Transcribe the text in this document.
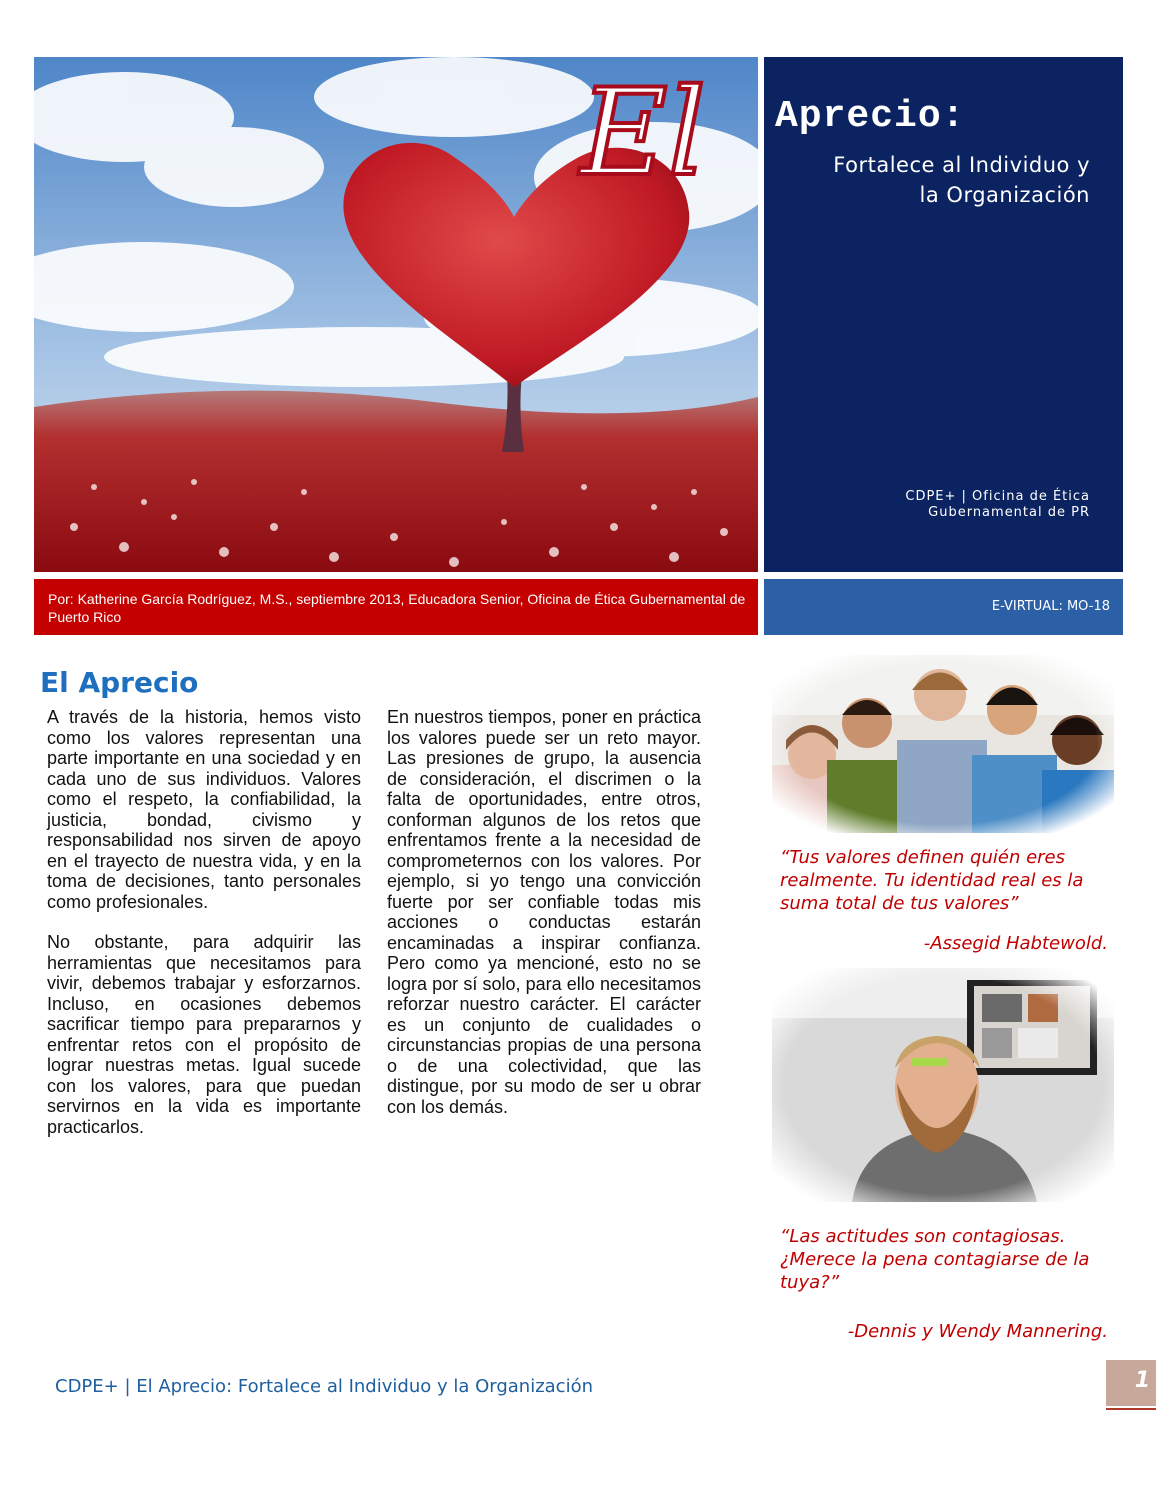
El Aprecio:
Fortalece al Individuo y
la Organización
CDPE+ | Oficina de Ética
Gubernamental de PR
Por: Katherine García Rodríguez, M.S., septiembre 2013, Educadora Senior, Oficina de Ética Gubernamental de Puerto Rico
E-VIRTUAL: MO-18
El Aprecio

A través de la historia, hemos visto como los valores representan una parte importante en una sociedad y en cada uno de sus individuos. Valores como el respeto, la confiabilidad, la justicia, bondad, civismo y responsabilidad nos sirven de apoyo en el trayecto de nuestra vida, y en la toma de decisiones, tanto personales como profesionales.

No obstante, para adquirir las herramientas que necesitamos para vivir, debemos trabajar y esforzarnos. Incluso, en ocasiones debemos sacrificar tiempo para prepararnos y enfrentar retos con el propósito de lograr nuestras metas. Igual sucede con los valores, para que puedan servirnos en la vida es importante practicarlos.

En nuestros tiempos, poner en práctica los valores puede ser un reto mayor. Las presiones de grupo, la ausencia de consideración, el discrimen o la falta de oportunidades, entre otros, conforman algunos de los retos que enfrentamos frente a la necesidad de comprometernos con los valores. Por ejemplo, si yo tengo una convicción fuerte por ser confiable todas mis acciones o conductas estarán encaminadas a inspirar confianza. Pero como ya mencioné, esto no se logra por sí solo, para ello necesitamos reforzar nuestro carácter. El carácter es un conjunto de cualidades o circunstancias propias de una persona o de una colectividad, que las distingue, por su modo de ser u obrar con los demás.

“Tus valores definen quién eres realmente. Tu identidad real es la suma total de tus valores”
-Assegid Habtewold.
“Las actitudes son contagiosas. ¿Merece la pena contagiarse de la tuya?”
-Dennis y Wendy Mannering.
CDPE+ | El Aprecio: Fortalece al Individuo y la Organización	1
